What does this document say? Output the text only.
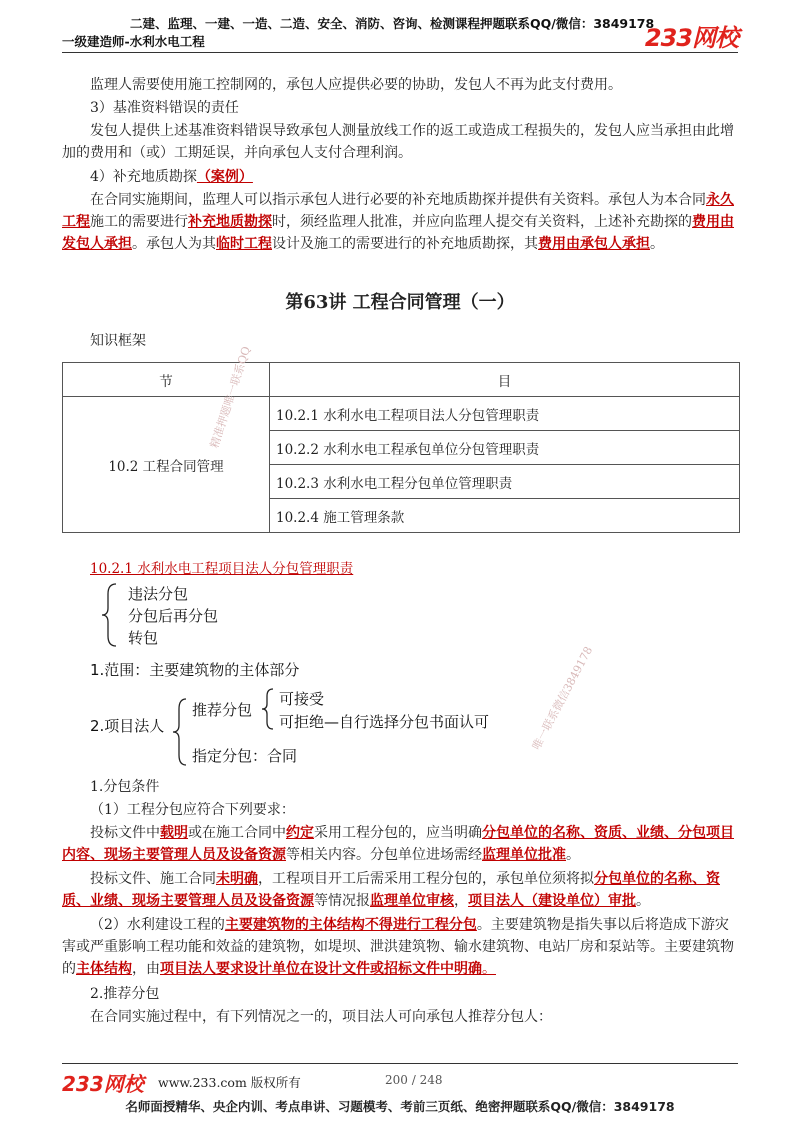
二建、监理、一建、一造、二造、安全、消防、咨询、检测课程押题联系QQ/微信：3849178
一级建造师-水利水电工程	233网校

监理人需要使用施工控制网的，承包人应提供必要的协助，发包人不再为此支付费用。

3）基准资料错误的责任

发包人提供上述基准资料错误导致承包人测量放线工作的返工或造成工程损失的，发包人应当承担由此增加的费用和（或）工期延误，并向承包人支付合理利润。

4）补充地质勘探（案例）

在合同实施期间，监理人可以指示承包人进行必要的补充地质勘探并提供有关资料。承包人为本合同永久工程施工的需要进行补充地质勘探时，须经监理人批准，并应向监理人提交有关资料，上述补充勘探的费用由发包人承担。承包人为其临时工程设计及施工的需要进行的补充地质勘探，其费用由承包人承担。

第63讲 工程合同管理（一）

知识框架

节	目
10.2 工程合同管理	10.2.1 水利水电工程项目法人分包管理职责
	10.2.2 水利水电工程承包单位分包管理职责
	10.2.3 水利水电工程分包单位管理职责
	10.2.4 施工管理条款
10.2.1 水利水电工程项目法人分包管理职责
违法分包
分包后再分包
转包
1.范围：主要建筑物的主体部分
2.项目法人
推荐分包
可接受
可拒绝—自行选择分包书面认可
指定分包：合同

1.分包条件

（1）工程分包应符合下列要求：

投标文件中载明或在施工合同中约定采用工程分包的，应当明确分包单位的名称、资质、业绩、分包项目内容、现场主要管理人员及设备资源等相关内容。分包单位进场需经监理单位批准。

投标文件、施工合同未明确，工程项目开工后需采用工程分包的，承包单位须将拟分包单位的名称、资质、业绩、现场主要管理人员及设备资源等情况报监理单位审核，项目法人（建设单位）审批。

（2）水利建设工程的主要建筑物的主体结构不得进行工程分包。主要建筑物是指失事以后将造成下游灾害或严重影响工程功能和效益的建筑物，如堤坝、泄洪建筑物、输水建筑物、电站厂房和泵站等。主要建筑物的主体结构，由项目法人要求设计单位在设计文件或招标文件中明确。

2.推荐分包

在合同实施过程中，有下列情况之一的，项目法人可向承包人推荐分包人：

精准押题唯一联系QQ
唯一联系微信3849178
233网校 www.233.com 版权所有	200 / 248
名师面授精华、央企内训、考点串讲、习题模考、考前三页纸、绝密押题联系QQ/微信：3849178
